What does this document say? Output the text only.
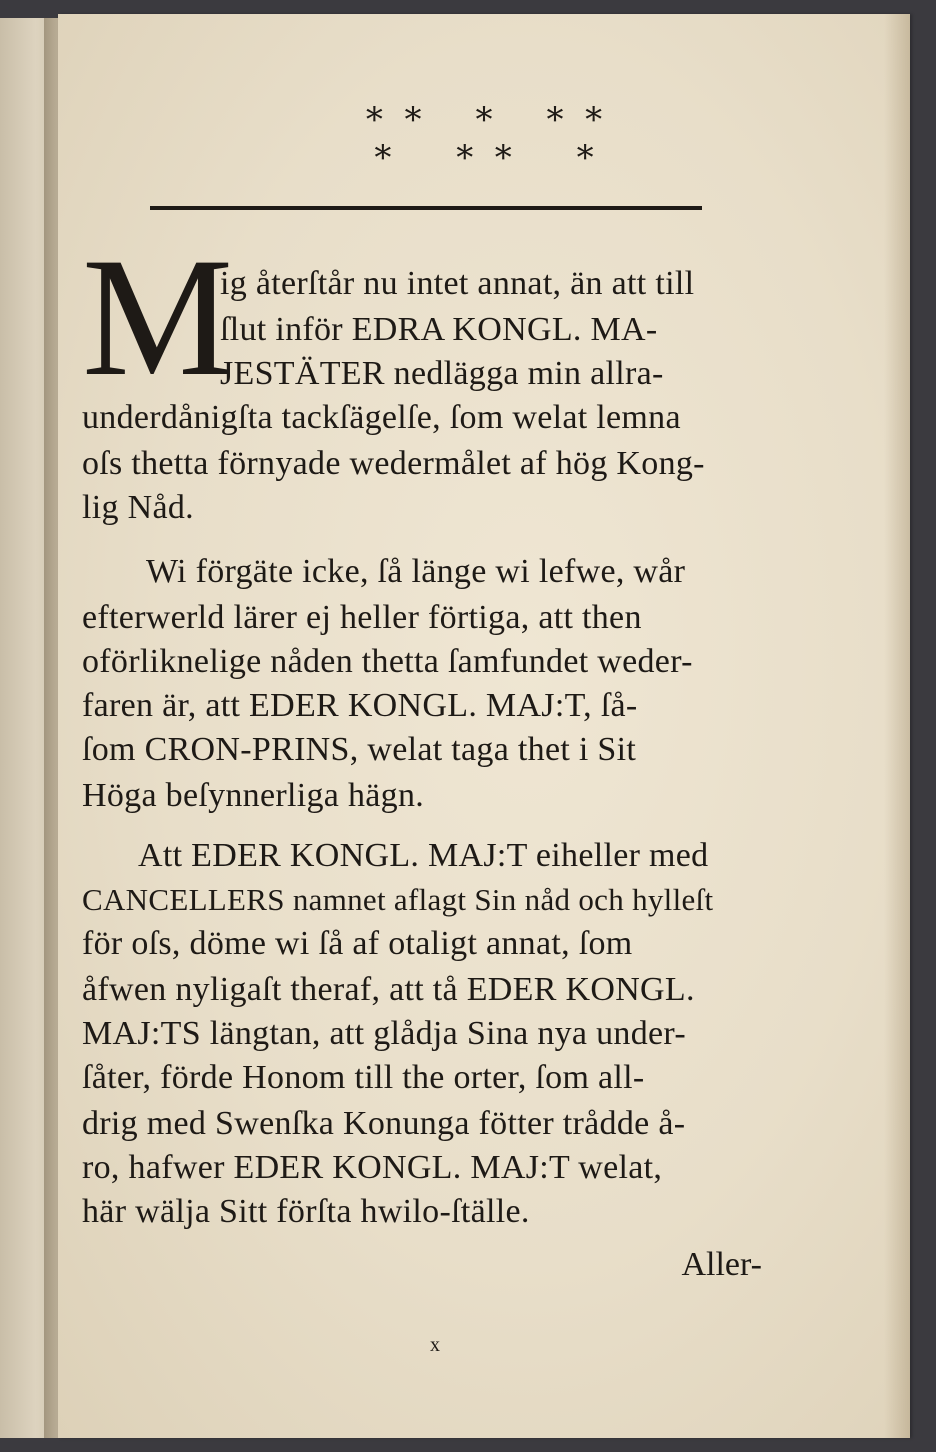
*  *     *     *  *
*      *  *      *
M
ig återſtår nu intet annat, än att till
ſlut inför EDRA KONGL. MA-
JESTÄTER nedlägga min allra-
underdånigſta tackſägelſe, ſom welat lemna
oſs thetta förnyade wedermålet af hög Kong-
lig Nåd.
Wi förgäte icke, ſå länge wi lefwe, wår
efterwerld lärer ej heller förtiga, att then
oförliknelige nåden thetta ſamfundet weder-
faren är, att EDER KONGL. MAJ:T, ſå-
ſom CRON-PRINS, welat taga thet i Sit
Höga beſynnerliga hägn.
Att EDER KONGL. MAJ:T eiheller med
CANCELLERS namnet aflagt Sin nåd och hylleſt
för oſs, döme wi ſå af otaligt annat, ſom
åfwen nyligaſt theraf, att tå EDER KONGL.
MAJ:TS längtan, att glådja Sina nya under-
ſåter, förde Honom till the orter, ſom all-
drig med Swenſka Konunga fötter trådde å-
ro, hafwer EDER KONGL. MAJ:T welat,
här wälja Sitt förſta hwilo-ſtälle.
Aller-
x
